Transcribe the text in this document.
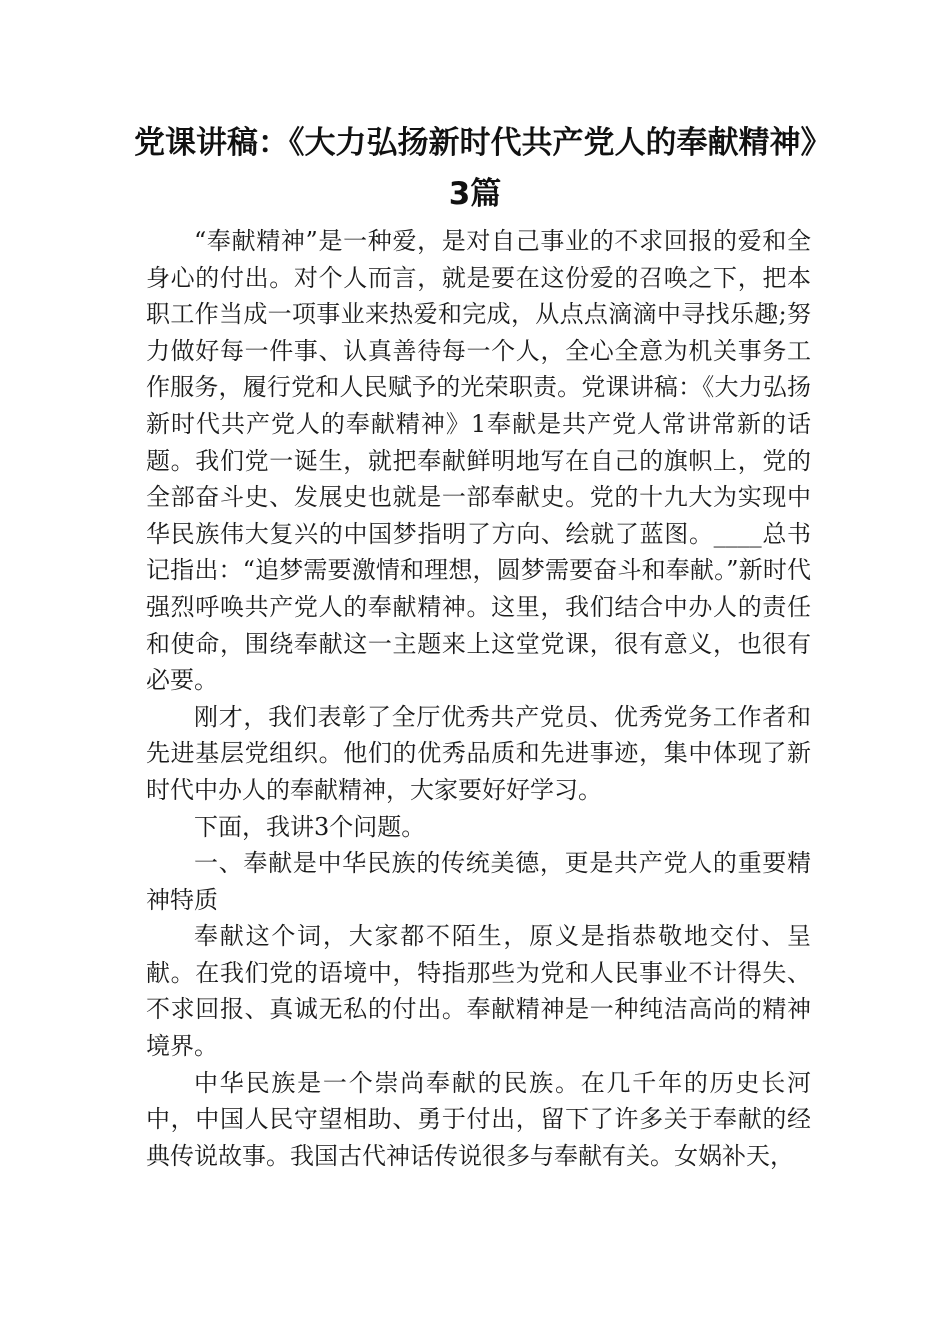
党课讲稿：《大力弘扬新时代共产党人的奉献精神》3篇

“奉献精神”是一种爱，是对自己事业的不求回报的爱和全身心的付出。对个人而言，就是要在这份爱的召唤之下，把本职工作当成一项事业来热爱和完成，从点点滴滴中寻找乐趣;努力做好每一件事、认真善待每一个人，全心全意为机关事务工作服务，履行党和人民赋予的光荣职责。党课讲稿：《大力弘扬新时代共产党人的奉献精神》1奉献是共产党人常讲常新的话题。我们党一诞生，就把奉献鲜明地写在自己的旗帜上，党的全部奋斗史、发展史也就是一部奉献史。党的十九大为实现中华民族伟大复兴的中国梦指明了方向、绘就了蓝图。____总书记指出：“追梦需要激情和理想，圆梦需要奋斗和奉献。”新时代强烈呼唤共产党人的奉献精神。这里，我们结合中办人的责任和使命，围绕奉献这一主题来上这堂党课，很有意义，也很有必要。

刚才，我们表彰了全厅优秀共产党员、优秀党务工作者和先进基层党组织。他们的优秀品质和先进事迹，集中体现了新时代中办人的奉献精神，大家要好好学习。

下面，我讲3个问题。

一、奉献是中华民族的传统美德，更是共产党人的重要精神特质

奉献这个词，大家都不陌生，原义是指恭敬地交付、呈献。在我们党的语境中，特指那些为党和人民事业不计得失、不求回报、真诚无私的付出。奉献精神是一种纯洁高尚的精神境界。

中华民族是一个崇尚奉献的民族。在几千年的历史长河中，中国人民守望相助、勇于付出，留下了许多关于奉献的经典传说故事。我国古代神话传说很多与奉献有关。女娲补天，
